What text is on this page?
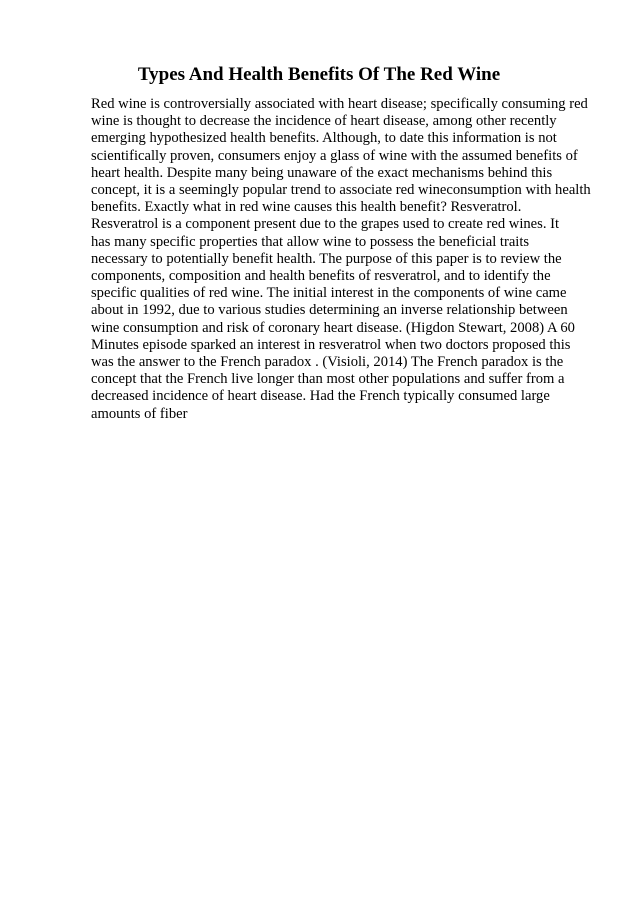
Types And Health Benefits Of The Red Wine
Red wine is controversially associated with heart disease; specifically consuming red
wine is thought to decrease the incidence of heart disease, among other recently
emerging hypothesized health benefits. Although, to date this information is not
scientifically proven, consumers enjoy a glass of wine with the assumed benefits of
heart health. Despite many being unaware of the exact mechanisms behind this
concept, it is a seemingly popular trend to associate red wineconsumption with health
benefits. Exactly what in red wine causes this health benefit? Resveratrol.
Resveratrol is a component present due to the grapes used to create red wines. It
has many specific properties that allow wine to possess the beneficial traits
necessary to potentially benefit health. The purpose of this paper is to review the
components, composition and health benefits of resveratrol, and to identify the
specific qualities of red wine. The initial interest in the components of wine came
about in 1992, due to various studies determining an inverse relationship between
wine consumption and risk of coronary heart disease. (Higdon Stewart, 2008) A 60
Minutes episode sparked an interest in resveratrol when two doctors proposed this
was the answer to the French paradox . (Visioli, 2014) The French paradox is the
concept that the French live longer than most other populations and suffer from a
decreased incidence of heart disease. Had the French typically consumed large
amounts of fiber
